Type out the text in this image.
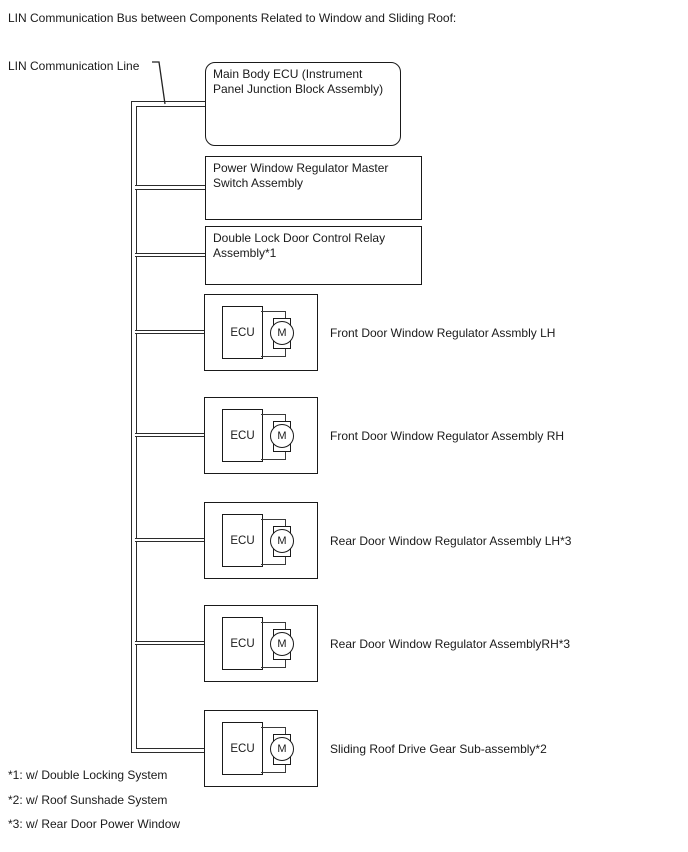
LIN Communication Bus between Components Related to Window and Sliding Roof:
LIN Communication Line
Main Body ECU (Instrument Panel Junction Block Assembly)
Power Window Regulator Master Switch Assembly
Double Lock Door Control Relay Assembly*1
ECU M	Front Door Window Regulator Assmbly LH
ECU M	Front Door Window Regulator Assembly RH
ECU M	Rear Door Window Regulator Assembly LH*3
ECU M	Rear Door Window Regulator AssemblyRH*3
ECU M	Sliding Roof Drive Gear Sub-assembly*2
*1: w/ Double Locking System
*2: w/ Roof Sunshade System
*3: w/ Rear Door Power Window
